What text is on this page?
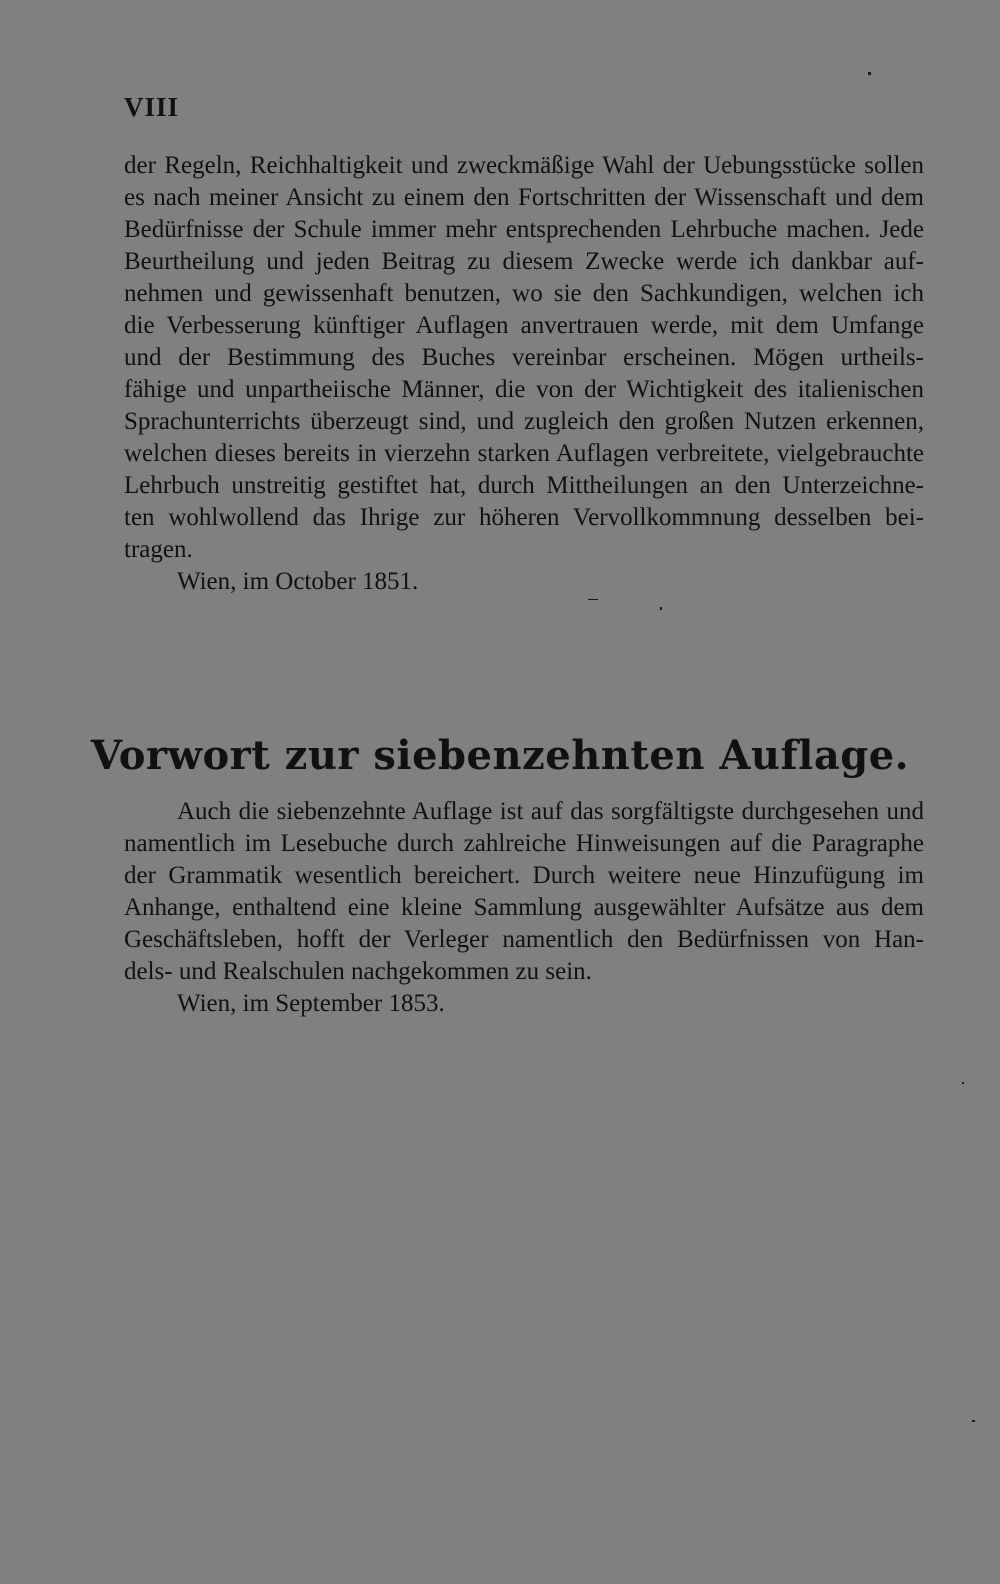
VIII
der Regeln, Reichhaltigkeit und zweckmäßige Wahl der Uebungsstücke sollen
es nach meiner Ansicht zu einem den Fortschritten der Wissenschaft und dem
Bedürfnisse der Schule immer mehr entsprechenden Lehrbuche machen. Jede
Beurtheilung und jeden Beitrag zu diesem Zwecke werde ich dankbar auf-
nehmen und gewissenhaft benutzen, wo sie den Sachkundigen, welchen ich
die Verbesserung künftiger Auflagen anvertrauen werde, mit dem Umfange
und der Bestimmung des Buches vereinbar erscheinen. Mögen urtheils-
fähige und unpartheiische Männer, die von der Wichtigkeit des italienischen
Sprachunterrichts überzeugt sind, und zugleich den großen Nutzen erkennen,
welchen dieses bereits in vierzehn starken Auflagen verbreitete, vielgebrauchte
Lehrbuch unstreitig gestiftet hat, durch Mittheilungen an den Unterzeichne-
ten wohlwollend das Ihrige zur höheren Vervollkommnung desselben bei-
tragen.
Wien, im October 1851.
Vorwort zur siebenzehnten Auflage.
Auch die siebenzehnte Auflage ist auf das sorgfältigste durchgesehen und
namentlich im Lesebuche durch zahlreiche Hinweisungen auf die Paragraphe
der Grammatik wesentlich bereichert. Durch weitere neue Hinzufügung im
Anhange, enthaltend eine kleine Sammlung ausgewählter Aufsätze aus dem
Geschäftsleben, hofft der Verleger namentlich den Bedürfnissen von Han-
dels- und Realschulen nachgekommen zu sein.
Wien, im September 1853.
